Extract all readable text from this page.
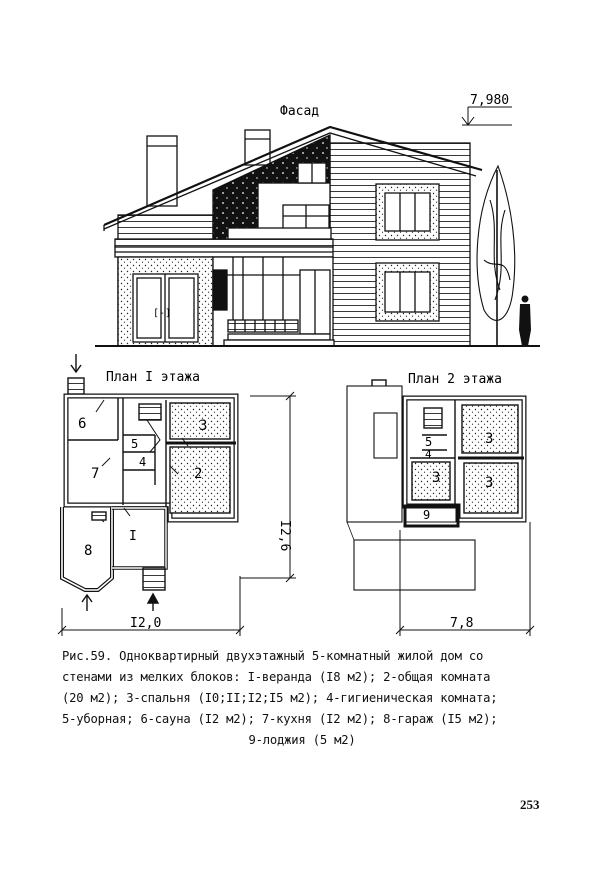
Фасад
7,980
[-]
План I этажа	План 2 этажа
6
7
5
4
3
2
8
I
5
4
3
3
3
9
I2,0
I2,6
7,8
Рис.59. Одноквартирный двухэтажный 5-комнатный жилой дом со
стенами из мелких блоков: I-веранда (I8 м2); 2-общая комната
(20 м2); 3-спальня (I0;II;I2;I5 м2); 4-гигиеническая комната;
5-уборная; 6-сауна (I2 м2); 7-кухня (I2 м2); 8-гараж (I5 м2);
9-лоджия (5 м2)
253
